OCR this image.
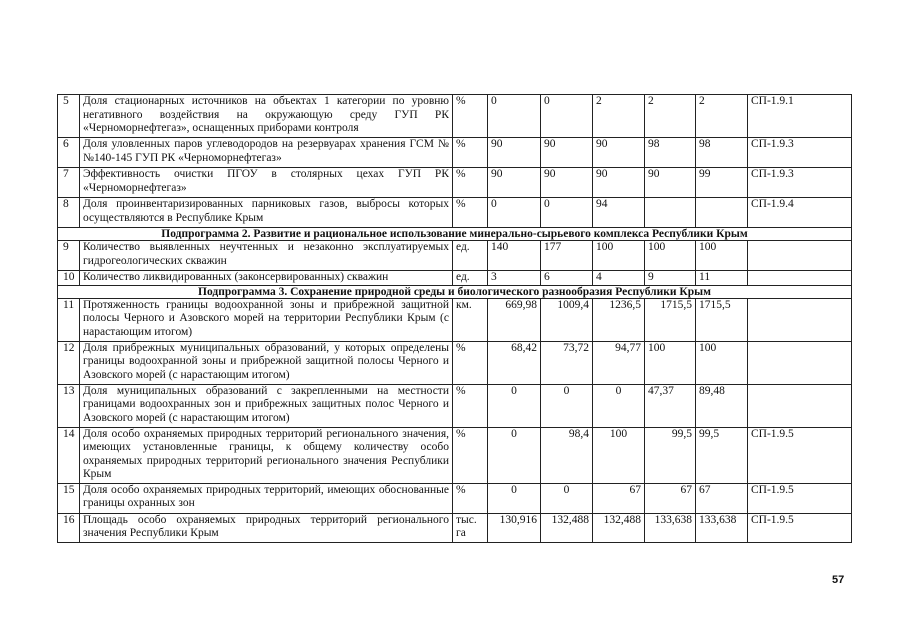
5	Доля стационарных источников на объектах 1 категории по уровню негативного воздействия на окружающую среду ГУП РК «Черноморнефтегаз», оснащенных приборами контроля	%	0	0	2	2	2	СП-1.9.1
6	Доля уловленных паров углеводородов на резервуарах хранения ГСМ №№140-145 ГУП РК «Черноморнефтегаз»	%	90	90	90	98	98	СП-1.9.3
7	Эффективность очистки ПГОУ в столярных цехах ГУП РК «Черноморнефтегаз»	%	90	90	90	90	99	СП-1.9.3
8	Доля проинвентаризированных парниковых газов, выбросы которых осуществляются в Республике Крым	%	0	0	94			СП-1.9.4
Подпрограмма 2. Развитие и рациональное использование минерально-сырьевого комплекса Республики Крым								
9	Количество выявленных неучтенных и незаконно эксплуатируемых гидрогеологических скважин	ед.	140	177	100	100	100	
10	Количество ликвидированных (законсервированных) скважин	ед.	3	6	4	9	11	
Подпрограмма 3. Сохранение природной среды и биологического разнообразия Республики Крым								
11	Протяженность границы водоохранной зоны и прибрежной защитной полосы Черного и Азовского морей на территории Республики Крым (с нарастающим итогом)	км.	669,98	1009,4	1236,5	1715,5	1715,5	
12	Доля прибрежных муниципальных образований, у которых определены границы водоохранной зоны и прибрежной защитной полосы Черного и Азовского морей (с нарастающим итогом)	%	68,42	73,72	94,77	100	100	
13	Доля муниципальных образований с закрепленными на местности границами водоохранных зон и прибрежных защитных полос Черного и Азовского морей (с нарастающим итогом)	%	0	0	0	47,37	89,48	
14	Доля особо охраняемых природных территорий регионального значения, имеющих установленные границы, к общему количеству особо охраняемых природных территорий регионального значения Республики Крым	%	0	98,4	100	99,5	99,5	СП-1.9.5
15	Доля особо охраняемых природных территорий, имеющих обоснованные границы охранных зон	%	0	0	67	67	67	СП-1.9.5
16	Площадь особо охраняемых природных территорий регионального значения Республики Крым	тыс. га	130,916	132,488	132,488	133,638	133,638	СП-1.9.5
57
